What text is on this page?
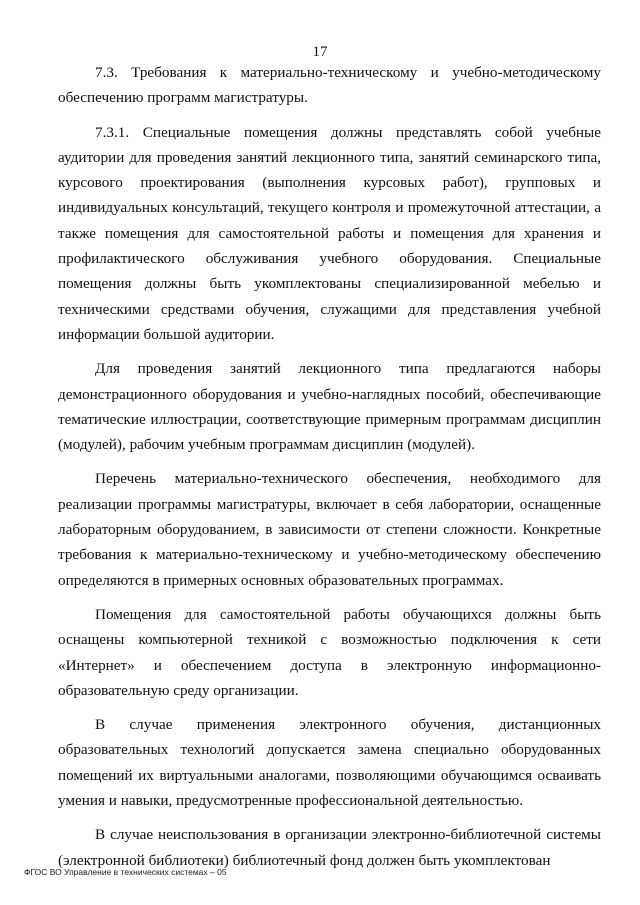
17

7.3. Требования к материально-техническому и учебно-методическому обеспечению программ магистратуры.

7.3.1. Специальные помещения должны представлять собой учебные аудитории для проведения занятий лекционного типа, занятий семинарского типа, курсового проектирования (выполнения курсовых работ), групповых и индивидуальных консультаций, текущего контроля и промежуточной аттестации, а также помещения для самостоятельной работы и помещения для хранения и профилактического обслуживания учебного оборудования. Специальные помещения должны быть укомплектованы специализированной мебелью и техническими средствами обучения, служащими для представления учебной информации большой аудитории.

Для проведения занятий лекционного типа предлагаются наборы демонстрационного оборудования и учебно-наглядных пособий, обеспечивающие тематические иллюстрации, соответствующие примерным программам дисциплин (модулей), рабочим учебным программам дисциплин (модулей).

Перечень материально-технического обеспечения, необходимого для реализации программы магистратуры, включает в себя лаборатории, оснащенные лабораторным оборудованием, в зависимости от степени сложности. Конкретные требования к материально-техническому и учебно-методическому обеспечению определяются в примерных основных образовательных программах.

Помещения для самостоятельной работы обучающихся должны быть оснащены компьютерной техникой с возможностью подключения к сети «Интернет» и обеспечением доступа в электронную информационно-образовательную среду организации.

В случае применения электронного обучения, дистанционных образовательных технологий допускается замена специально оборудованных помещений их виртуальными аналогами, позволяющими обучающимся осваивать умения и навыки, предусмотренные профессиональной деятельностью.

В случае неиспользования в организации электронно-библиотечной системы (электронной библиотеки) библиотечный фонд должен быть укомплектован

ФГОС ВО Управление в технических системах – 05
